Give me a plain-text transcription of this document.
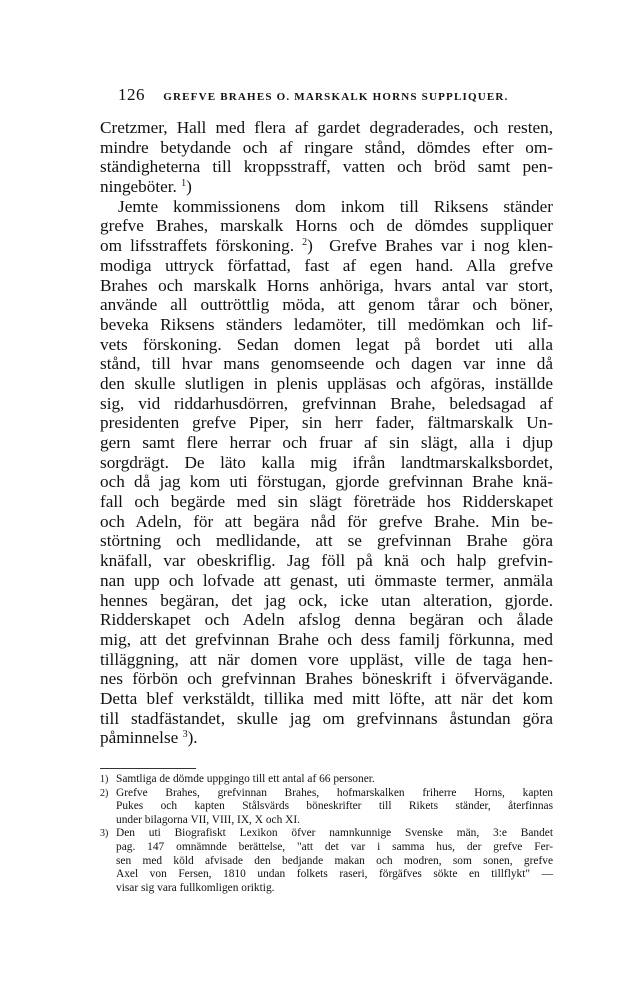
126 GREFVE BRAHES O. MARSKALK HORNS SUPPLIQUER.
Cretzmer, Hall med flera af gardet degraderades, och resten,
mindre betydande och af ringare stånd, dömdes efter om-
ständigheterna till kroppsstraff, vatten och bröd samt pen-
ningeböter. $^1$)
Jemte kommissionens dom inkom till Riksens ständer
grefve Brahes, marskalk Horns och de dömdes suppliquer
om lifsstraffets förskoning. $^2$)  Grefve Brahes var i nog klen-
modiga uttryck författad, fast af egen hand. Alla grefve
Brahes och marskalk Horns anhöriga, hvars antal var stort,
använde all outtröttlig möda, att genom tårar och böner,
beveka Riksens ständers ledamöter, till medömkan och lif-
vets förskoning. Sedan domen legat på bordet uti alla
stånd, till hvar mans genomseende och dagen var inne då
den skulle slutligen in plenis uppläsas och afgöras, inställde
sig, vid riddarhusdörren, grefvinnan Brahe, beledsagad af
presidenten grefve Piper, sin herr fader, fältmarskalk Un-
gern samt flere herrar och fruar af sin slägt, alla i djup
sorgdrägt. De läto kalla mig ifrån landtmarskalksbordet,
och då jag kom uti förstugan, gjorde grefvinnan Brahe knä-
fall och begärde med sin slägt företräde hos Ridderskapet
och Adeln, för att begära nåd för grefve Brahe. Min be-
störtning och medlidande, att se grefvinnan Brahe göra
knäfall, var obeskriflig. Jag föll på knä och halp grefvin-
nan upp och lofvade att genast, uti ömmaste termer, anmäla
hennes begäran, det jag ock, icke utan alteration, gjorde.
Ridderskapet och Adeln afslog denna begäran och ålade
mig, att det grefvinnan Brahe och dess familj förkunna, med
tilläggning, att när domen vore uppläst, ville de taga hen-
nes förbön och grefvinnan Brahes böneskrift i öfvervägande.
Detta blef verkstäldt, tillika med mitt löfte, att när det kom
till stadfästandet, skulle jag om grefvinnans åstundan göra
påminnelse $^3$).
1) Samtliga de dömde uppgingo till ett antal af 66 personer.
2) Grefve Brahes, grefvinnan Brahes, hofmarskalken friherre Horns, kapten
Pukes och kapten Stålsvärds böneskrifter till Rikets ständer, återfinnas
under bilagorna VII, VIII, IX, X och XI.
3) Den uti Biografiskt Lexikon öfver namnkunnige Svenske män, 3:e Bandet
pag. 147 omnämnde berättelse, "att det var i samma hus, der grefve Fer-
sen med köld afvisade den bedjande makan och modren, som sonen, grefve
Axel von Fersen, 1810 undan folkets raseri, förgäfves sökte en tillflykt" —
visar sig vara fullkomligen oriktig.
